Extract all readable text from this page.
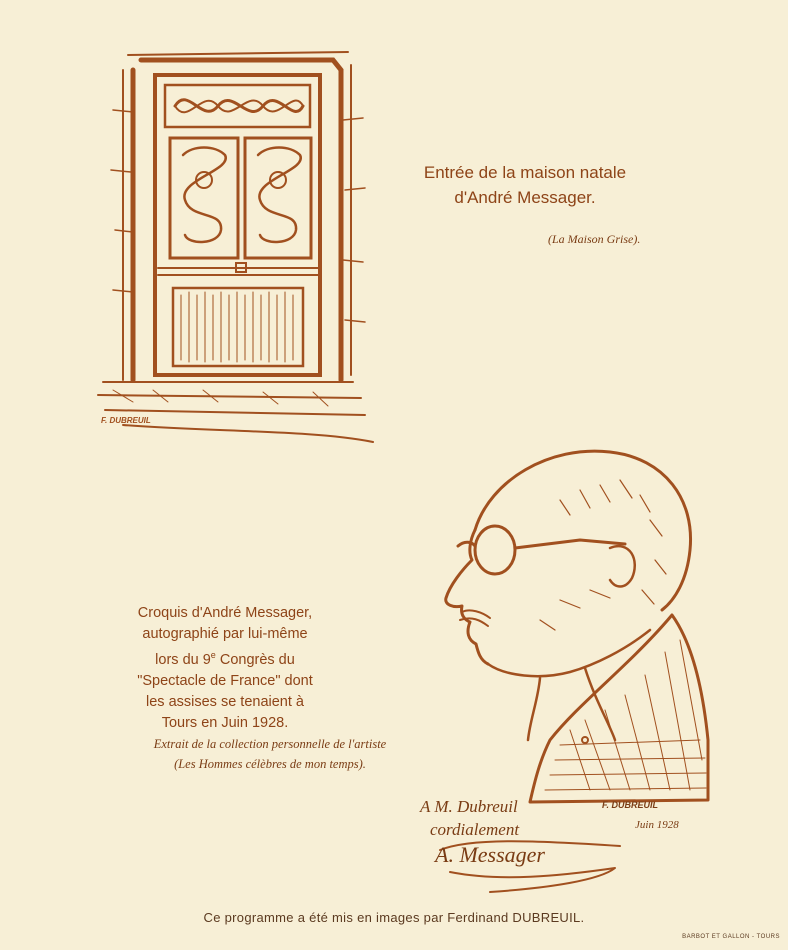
F. DUBREUIL
Entrée de la maison natale
d'André Messager.
(La Maison Grise).
A M. Dubreuil
cordialement
A. Messager
F. DUBREUIL
Juin 1928

Croquis d'André Messager,

autographié par lui-même

lors du 9e Congrès du

"Spectacle de France" dont

les assises se tenaient à

Tours en Juin 1928.

Extrait de la collection personnelle de l'artiste
(Les Hommes célèbres de mon temps).
Ce programme a été mis en images par Ferdinand DUBREUIL.
BARBOT ET GALLON - TOURS
